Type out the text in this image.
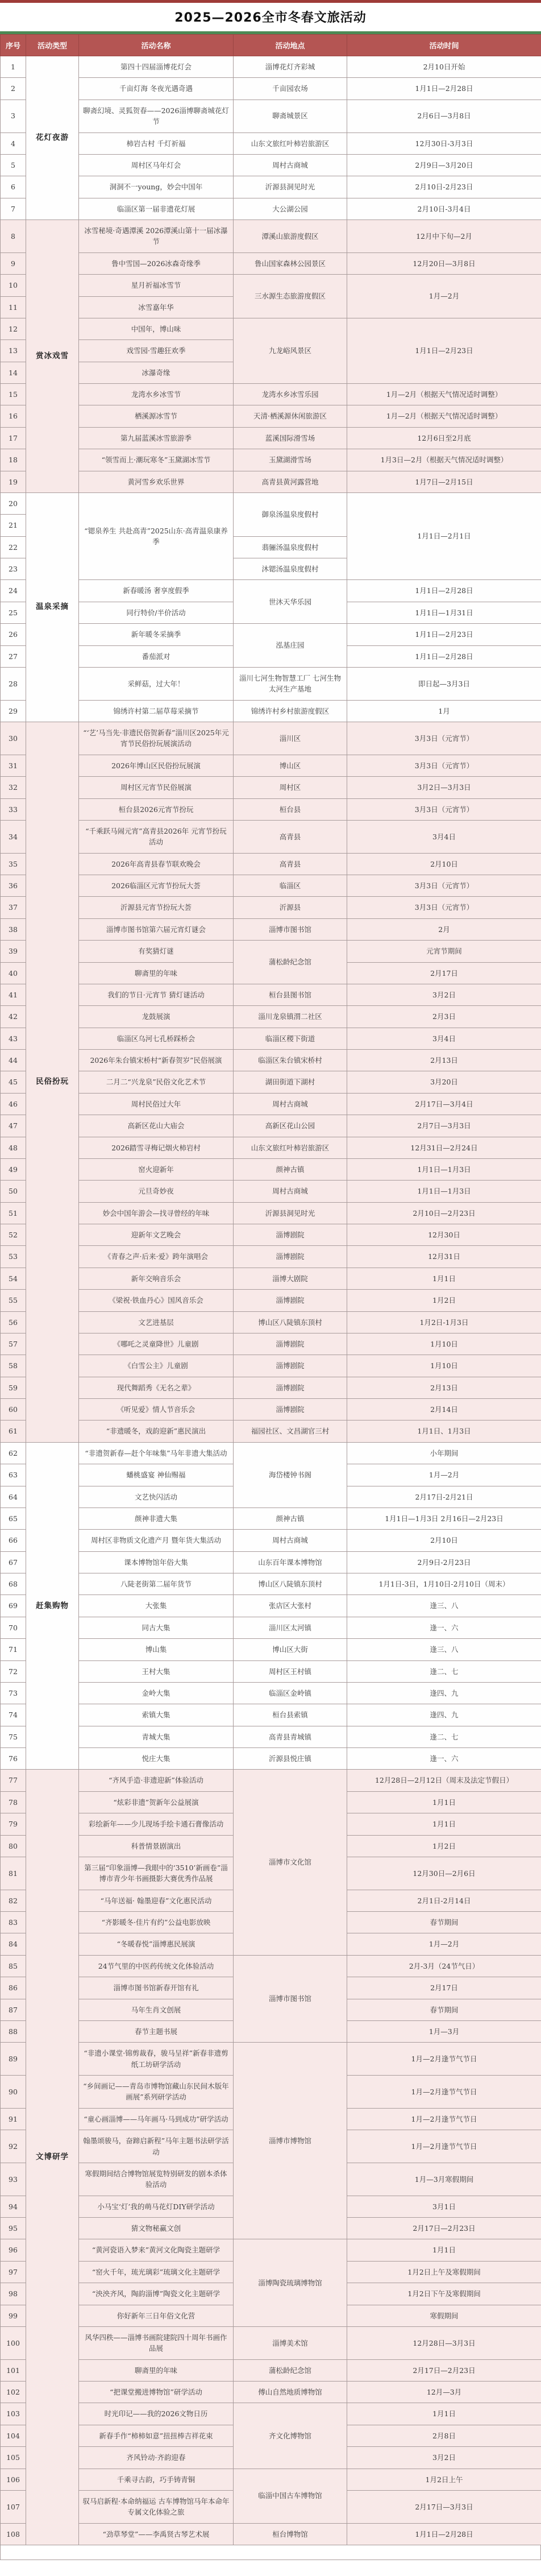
2025—2026全市冬春文旅活动
序号	活动类型	活动名称	活动地点	活动时间
1	花灯夜游	第四十四届淄博花灯会	淄博花灯齐彩城	2月10日开始
2		千亩灯海 冬夜光遇奇遇	千亩园农场	1月1日—2月28日
3		聊斋幻境、灵狐贺春——2026淄博聊斋城花灯节	聊斋城景区	2月6日—3月8日
4		柿岩古村 千灯祈福	山东文旅红叶柿岩旅游区	12月30日-3月3日
5		周村区马年灯会	周村古商城	2月9日—3月20日
6		洞洞不一young，妙会中国年	沂源县洞见时光	2月10日-2月23日
7		临淄区第一届非遗花灯展	大公湖公园	2月10日-3月4日
8	赏冰戏雪	冰雪秘境·奇遇潭溪 2026潭溪山第十一届冰瀑节	潭溪山旅游度假区	12月中下旬—2月
9		鲁中雪国—2026冰森奇缘季	鲁山国家森林公园景区	12月20日—3月8日
10		星月祈福冰雪节	三水源生态旅游度假区	1月—2月
11		冰雪嘉年华		
12		中国年，博山味	九龙峪风景区	1月1日—2月23日
13		戏雪园·雪趣狂欢季		
14		冰瀑奇缘		
15		龙湾水乡冰雪节	龙湾水乡冰雪乐园	1月—2月（根据天气情况适时调整）
16		栖溪源冰雪节	天清·栖溪源休闲旅游区	1月—2月（根据天气情况适时调整）
17		第九届蓝溪冰雪旅游季	蓝溪国际滑雪场	12月6日至2月底
18		“领雪而上·潮玩寒冬”玉黛湖冰雪节	玉黛湖滑雪场	1月3日—2月（根据天气情况适时调整）
19		黄河雪乡欢乐世界	高青县黄河露营地	1月7日—2月15日
20	温泉采摘	“锶泉养生 共赴高青”2025山东·高青温泉康养季	御泉汤温泉度假村	1月1日—2月1日
21				
22			翡骊汤温泉度假村	
23			沐锶汤温泉度假村	
24		新春暖汤 奢享度假季	世沐天华乐园	1月1日—2月28日
25		同行特价/半价活动		1月1日—1月31日
26		新年暖冬采摘季	泓基庄园	1月1日—2月23日
27		番茄派对		1月1日—2月28日
28		采鲜菇，过大年！	淄川七河生物智慧工厂 七河生物太河生产基地	即日起—3月3日
29		锦绣许村第二届草莓采摘节	锦绣许村乡村旅游度假区	1月
30	民俗扮玩	“‘艺’马当先·非遗民俗贺新春”淄川区2025年元宵节民俗扮玩展演活动	淄川区	3月3日（元宵节）
31		2026年博山区民俗扮玩展演	博山区	3月3日（元宵节）
32		周村区元宵节民俗展演	周村区	3月2日—3月3日
33		桓台县2026元宵节扮玩	桓台县	3月3日（元宵节）
34		“千乘跃马闹元宵”高青县2026年 元宵节扮玩活动	高青县	3月4日
35		2026年高青县春节联欢晚会	高青县	2月10日
36		2026临淄区元宵节扮玩大荟	临淄区	3月3日（元宵节）
37		沂源县元宵节扮玩大荟	沂源县	3月3日（元宵节）
38		淄博市图书馆第六届元宵灯谜会	淄博市图书馆	2月
39		有奖猜灯谜	蒲松龄纪念馆	元宵节期间
40		聊斋里的年味		2月17日
41		我们的节日·元宵节 猜灯谜活动	桓台县图书馆	3月2日
42		龙鼓展演	淄川龙泉镇渭二社区	2月3日
43		临淄区乌河七孔桥踩桥会	临淄区稷下街道	3月4日
44		2026年朱台镇宋桥村“新春贺岁”民俗展演	临淄区朱台镇宋桥村	2月13日
45		二月二“兴龙泉”民俗文化艺术节	湖田街道下湖村	3月20日
46		周村民俗过大年	周村古商城	2月17日—3月4日
47		高新区花山大庙会	高新区花山公园	2月7日—3月3日
48		2026踏雪寻梅记烟火柿岩村	山东文旅红叶柿岩旅游区	12月31日—2月24日
49		窑火迎新年	颜神古镇	1月1日—1月3日
50		元旦奇妙夜	周村古商城	1月1日—1月3日
51		妙会中国年游会—找寻曾经的年味	沂源县洞见时光	2月10日—2月23日
52		迎新年文艺晚会	淄博剧院	12月30日
53		《青春之声·后来·爱》跨年演唱会	淄博剧院	12月31日
54		新年交响音乐会	淄博大剧院	1月1日
55		《梁祝·铁血丹心》国风音乐会	淄博剧院	1月2日
56		文艺进基层	博山区八陡镇东顶村	1月2日-1月3日
57		《哪吒之灵童降世》儿童剧	淄博剧院	1月10日
58		《白雪公主》儿童剧	淄博剧院	1月10日
59		现代舞蹈秀《无名之辈》	淄博剧院	2月13日
60		《听见爱》情人节音乐会	淄博剧院	2月14日
61		“非遗暖冬，戏韵迎新”惠民演出	福园社区、文昌湖官三村	1月1日、1月3日
62	赶集购物	“非遗贺新春—赶个年味集”马年非遗大集活动	海岱楼钟书阁	小年期间
63		蟠桃盛宴 神仙赐福		1月—2月
64		文艺快闪活动		2月17日-2月21日
65		颜神非遗大集	颜神古镇	1月1日—1月3日 2月16日—2月23日
66		周村区非物质文化遗产月 暨年货大集活动	周村古商城	2月10日
67		课本博物馆年俗大集	山东百年课本博物馆	2月9日-2月23日
68		八陡老街第二届年货节	博山区八陡镇东顶村	1月1日-3日，1月10日-2月10日（周末）
69		大张集	张店区大张村	逢三、八
70		同古大集	淄川区太河镇	逢一、六
71		博山集	博山区大街	逢三、八
72		王村大集	周村区王村镇	逢二、七
73		金岭大集	临淄区金岭镇	逢四、九
74		索镇大集	桓台县索镇	逢四、九
75		青城大集	高青县青城镇	逢二、七
76		悦庄大集	沂源县悦庄镇	逢一、六
77	文博研学	“齐风手造·非遗迎新”体验活动	淄博市文化馆	12月28日—2月12日（周末及法定节假日）
78		“炫彩非遗”贺新年公益展演		1月1日
79		彩绘新年——少儿现场手绘卡通石膏像活动		1月1日
80		科普情景剧演出		1月2日
81		第三届“印象淄博—我眼中的‘3510’新画卷”淄博市青少年书画摄影大赛优秀作品展		12月30日—2月6日
82		“马年送福· 翰墨迎春”文化惠民活动		2月1日-2月14日
83		“齐影暖冬·佳片有约”公益电影放映		春节期间
84		“冬暖春悦”淄博惠民展演		1月—2月
85		24节气里的中医药传统文化体验活动	淄博市图书馆	2月-3月（24节气日）
86		淄博市图书馆新春开馆有礼		2月17日
87		马年生肖文创展		春节期间
88		春节主题书展		1月—3月
89		“非遗小课堂·锦剪裁春，骏马呈祥”新春非遗剪纸工坊研学活动	淄博市博物馆	1月—2月逢节气节日
90		“乡间画记——青岛市博物馆藏山东民间木版年画展”系列研学活动		1月—2月逢节气节日
91		“童心画淄博——马年画马·马到成功”研学活动		1月—2月逢节气节日
92		翰墨颂骏马，奋蹄启新程”马年主题书法研学活动		1月—2月逢节气节日
93		寒假期间结合博物馆展览特别研发的剧本杀体验活动		1月—3月寒假期间
94		小马宝‘灯’我的萌马花灯DIY研学活动		3月1日
95		猜文物秘赢文创		2月17日—2月23日
96		“黄河瓷语入梦来”黄河文化陶瓷主题研学	淄博陶瓷琉璃博物馆	1月1日
97		“窑火千年，琉光璃彩”琉璃文化主题研学		1月2日上午及寒假期间
98		“泱泱齐风，陶韵淄博”陶瓷文化主题研学		1月2日下午及寒假期间
99		你好新年三日年俗文化营		寒假期间
100		风华四秩——淄博书画院建院四十周年书画作品展	淄博美术馆	12月28日—3月3日
101		聊斋里的年味	蒲松龄纪念馆	2月17日—2月23日
102		“把课堂搬进博物馆”研学活动	傅山自然地质博物馆	12月—3月
103		时光印记——我的2026文物日历	齐文化博物馆	1月1日
104		新春手作“柿柿如意”扭扭棒吉祥花束		2月8日
105		齐风铃动·齐韵迎春		3月2日
106		千乘寻古韵，巧手铸青铜	临淄中国古车博物馆	1月2日上午
107		驭马启新程·本命纳福运 古车博物馆马年本命年专属文化体验之旅		2月17日—3月3日
108		“劲草琴堂”——李禹贤古琴艺术展	桓台博物馆	1月1日—2月28日
